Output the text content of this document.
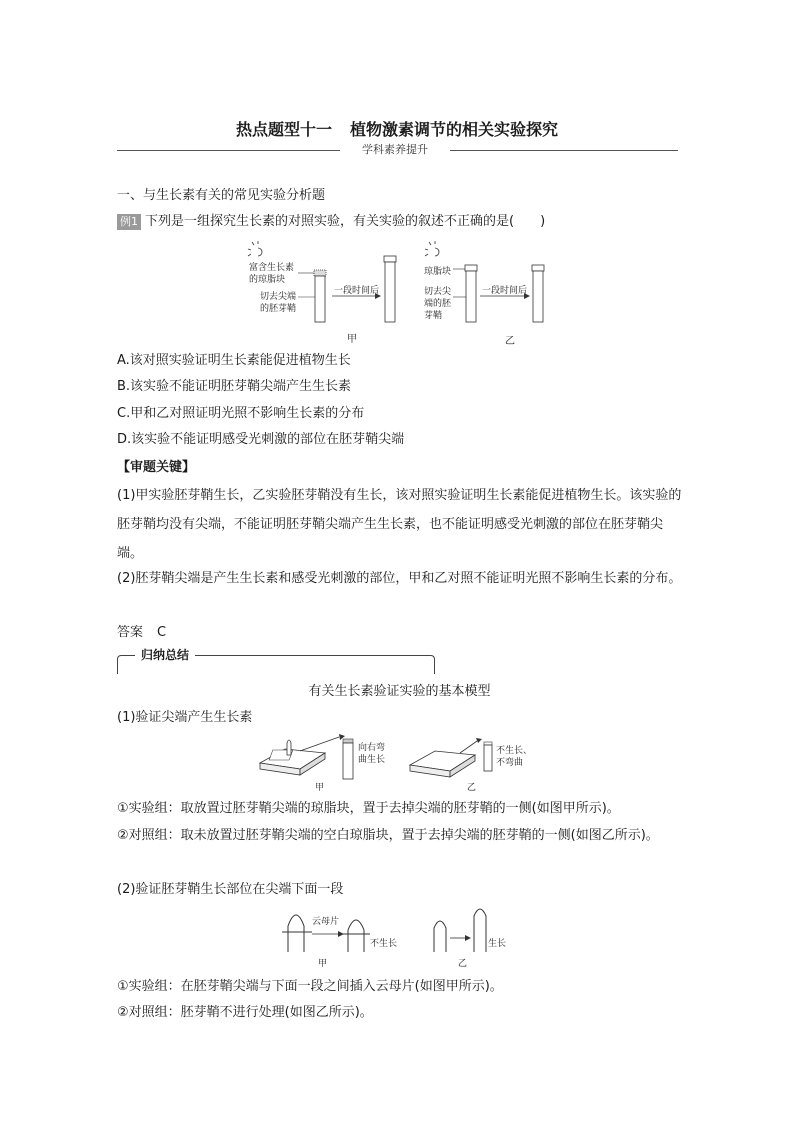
热点题型十一 植物激素调节的相关实验探究
学科素养提升
一、与生长素有关的常见实验分析题
例1 下列是一组探究生长素的对照实验，有关实验的叙述不正确的是(　　)
富含生长素
的琼脂块
切去尖端
的胚芽鞘
一段时间后
甲
琼脂块
切去尖
端的胚
芽鞘
一段时间后
乙
A.该对照实验证明生长素能促进植物生长
B.该实验不能证明胚芽鞘尖端产生生长素
C.甲和乙对照证明光照不影响生长素的分布
D.该实验不能证明感受光刺激的部位在胚芽鞘尖端
【审题关键】
(1)甲实验胚芽鞘生长，乙实验胚芽鞘没有生长，该对照实验证明生长素能促进植物生长。该实验的胚芽鞘均没有尖端，不能证明胚芽鞘尖端产生生长素，也不能证明感受光刺激的部位在胚芽鞘尖端。
(2)胚芽鞘尖端是产生生长素和感受光刺激的部位，甲和乙对照不能证明光照不影响生长素的分布。
答案 C
归纳总结
有关生长素验证实验的基本模型
(1)验证尖端产生生长素
向右弯
曲生长
甲
不生长、
不弯曲
乙
①实验组：取放置过胚芽鞘尖端的琼脂块，置于去掉尖端的胚芽鞘的一侧(如图甲所示)。
②对照组：取未放置过胚芽鞘尖端的空白琼脂块，置于去掉尖端的胚芽鞘的一侧(如图乙所示)。
(2)验证胚芽鞘生长部位在尖端下面一段
云母片
不生长
甲
生长
乙
①实验组：在胚芽鞘尖端与下面一段之间插入云母片(如图甲所示)。
②对照组：胚芽鞘不进行处理(如图乙所示)。
